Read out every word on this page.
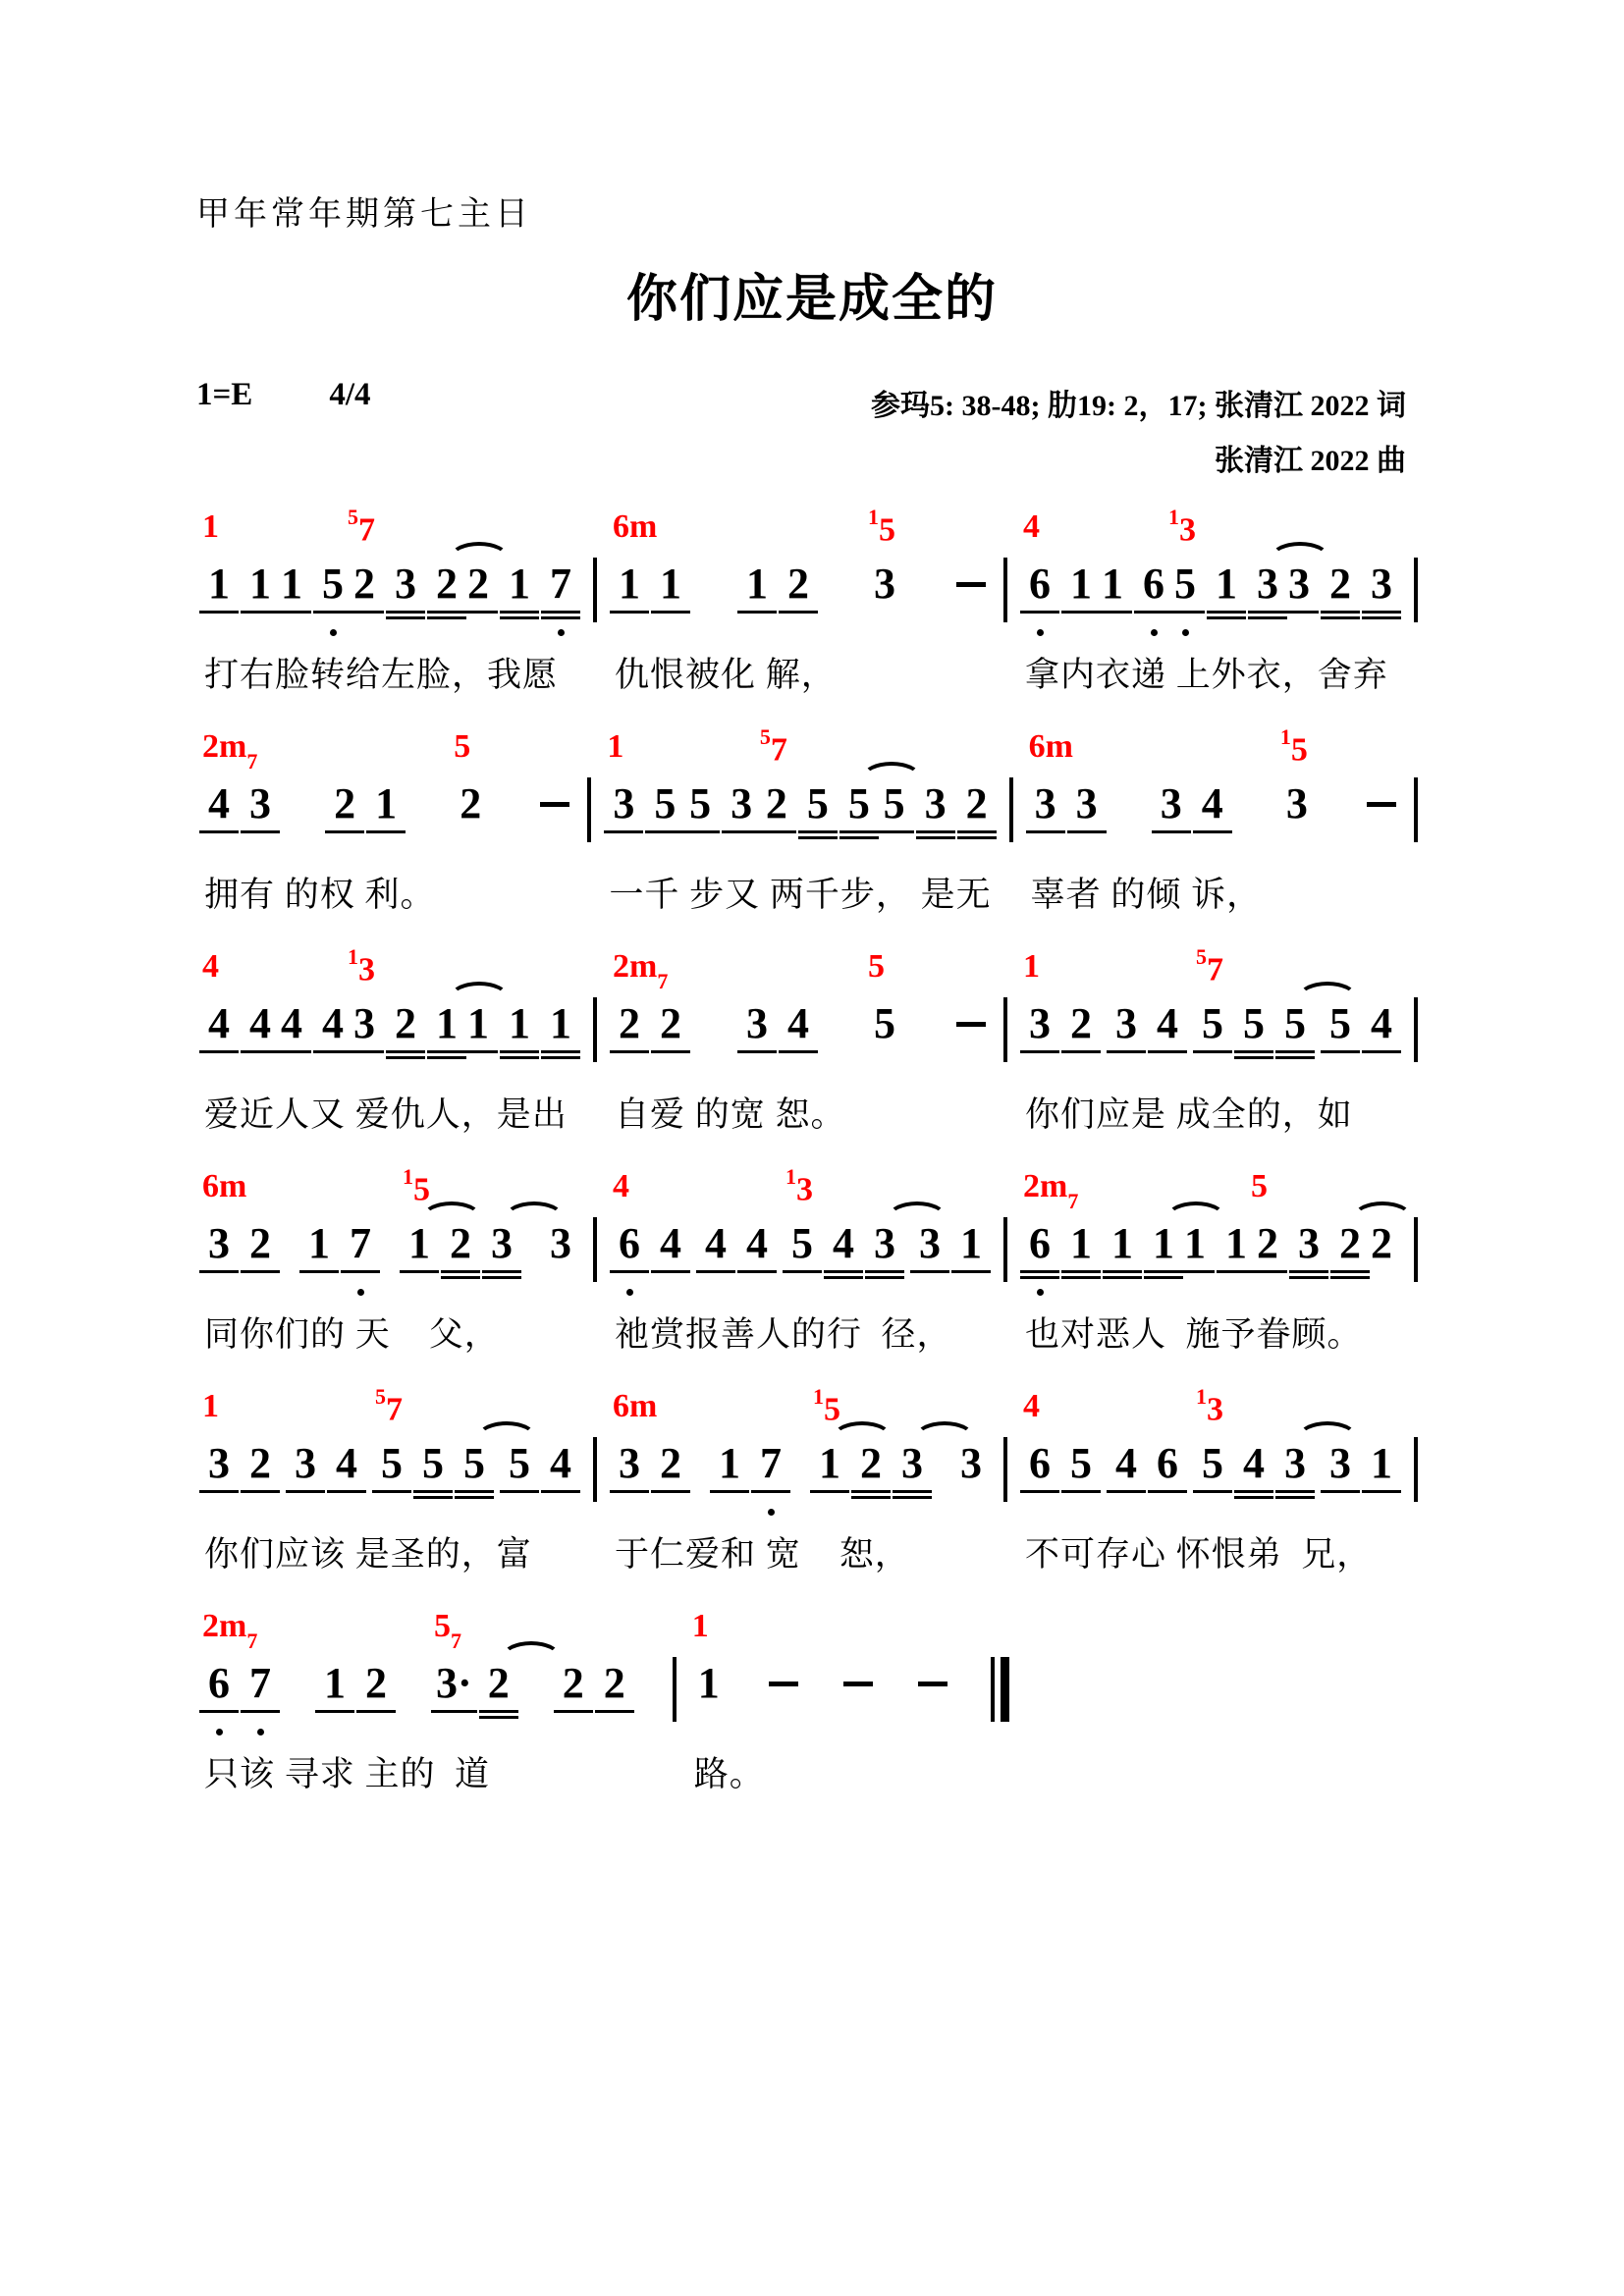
甲年常年期第七主日
你们应是成全的
1=E 4/4	参玛5: 38-48; 肋19: 2，17; 张清江 2022 词
张清江 2022 曲
1
1 1 1 5
$^5$7
2 3 2 2 1 7
打右脸转给左脸，我愿
6m
1 1 1 2
$^1$5
3
仇恨被化 解，
4
6 1 1 6
$^1$3
5 1 3 3 2 3
拿内衣递 上外衣，舍弃
$2m_7$
4 3 2 1
5
2
拥有 的权 利。
1
3 5 5 3
$^5$7
2 5 5 5 3 2
一千 步又 两千步， 是无
6m
3 3 3 4
$^1$5
3
辜者 的倾 诉，
4
4 4 4 4
$^1$3
3 2 1 1 1 1
爱近人又 爱仇人，是出
$2m_7$
2 2 3 4
5
5
自爱 的宽 恕。
1
3 2 3 4
$^5$7
5 5 5 5 4
你们应是 成全的，如
6m
3 2 1 7
$^1$5
1 2 3 3
同你们的 天    父，
4
6 4 4 4
$^1$3
5 4 3 3 1
祂赏报善人的行  径，
$2m_7$
6 1 1 1 1 1
5
2 3 2 2
也对恶人  施予眷顾。
1
3 2 3 4
$^5$7
5 5 5 5 4
你们应该 是圣的，富
6m
3 2 1 7
$^1$5
1 2 3 3
于仁爱和 宽    恕，
4
6 5 4 6
$^1$3
5 4 3 3 1
不可存心 怀恨弟  兄，
$2m_7$
6 7 1 2
$5_7$
3· 2 2 2
只该 寻求 主的  道
1
1
路。
